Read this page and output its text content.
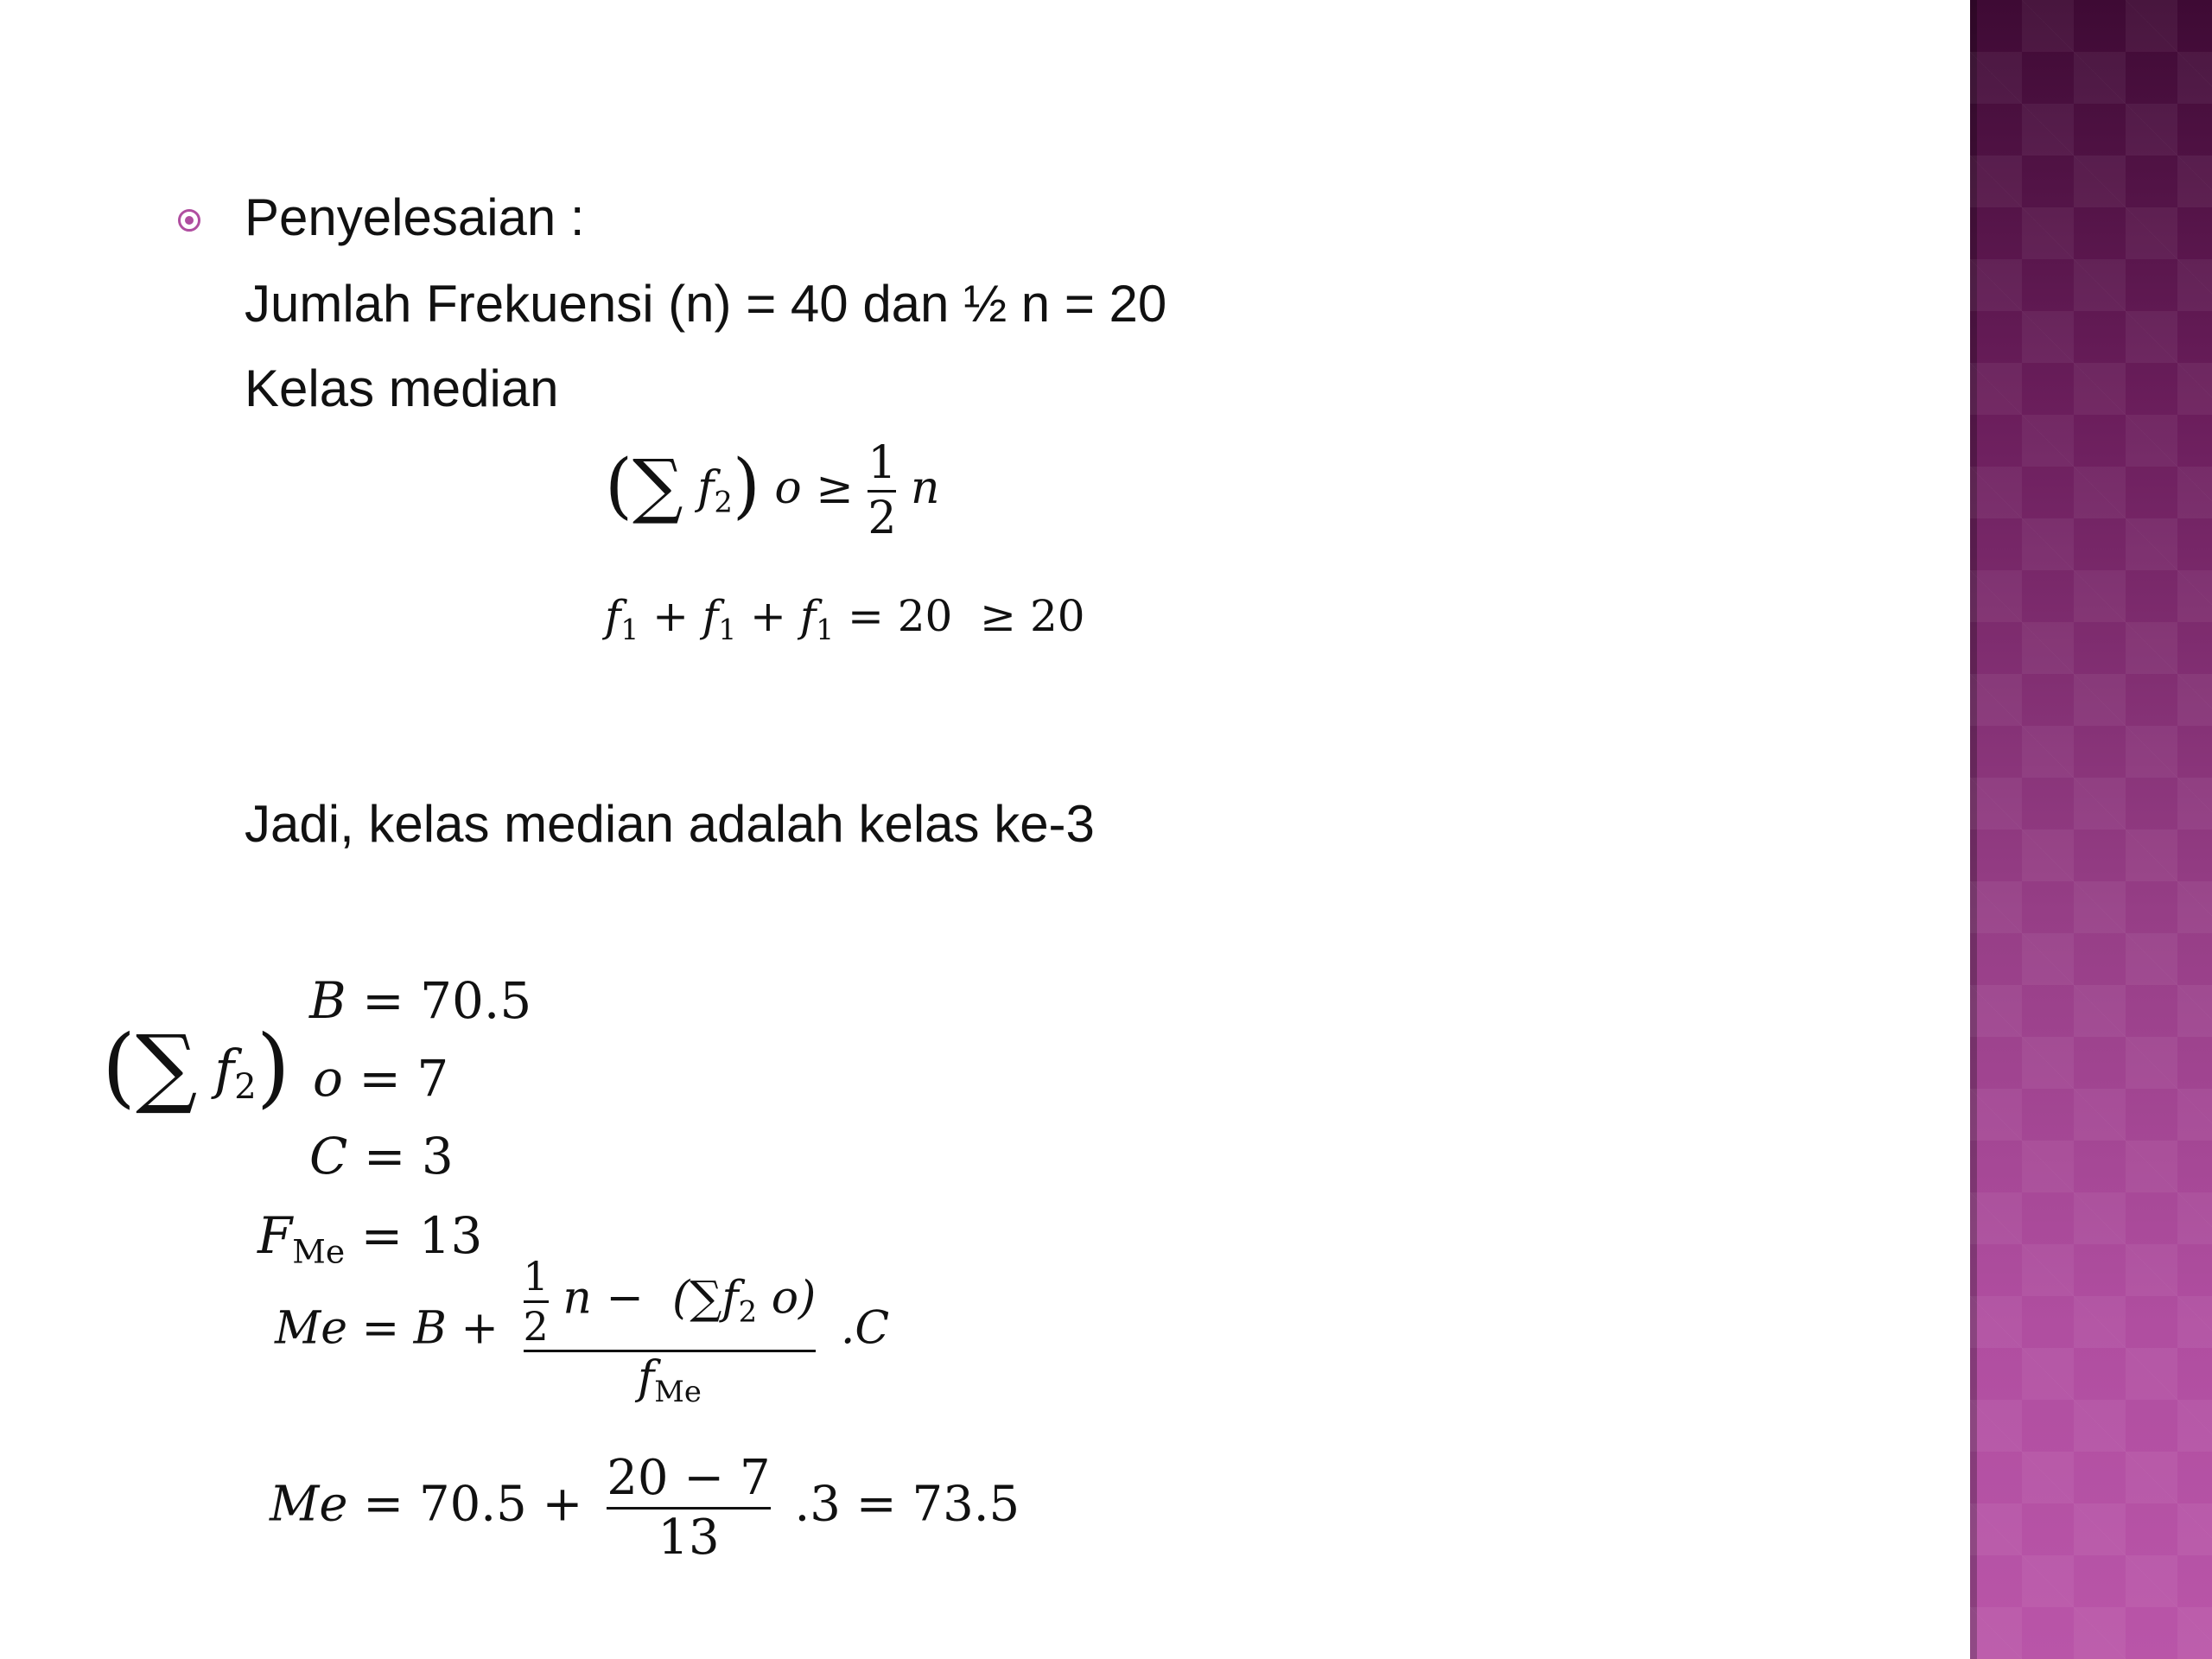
Penyelesaian :
Jumlah Frekuensi (n) = 40 dan ½ n = 20
Kelas median
(∑ $f_2$) $o \ge \frac{1}{2}$ n
$f_1 + f_1 + f_1 = 20 \ge 20$
Jadi, kelas median adalah kelas ke-3
(∑ $f_2$)
B = 70.5
o = 7
C = 3
$F_{Me} = 13$
$Me = B + \frac{\frac{1}{2} n - (\sum f_2 o)}{f_{Me}} .C$
$Me = 70.5 + \frac{20 - 7}{13} .3 = 73.5$
